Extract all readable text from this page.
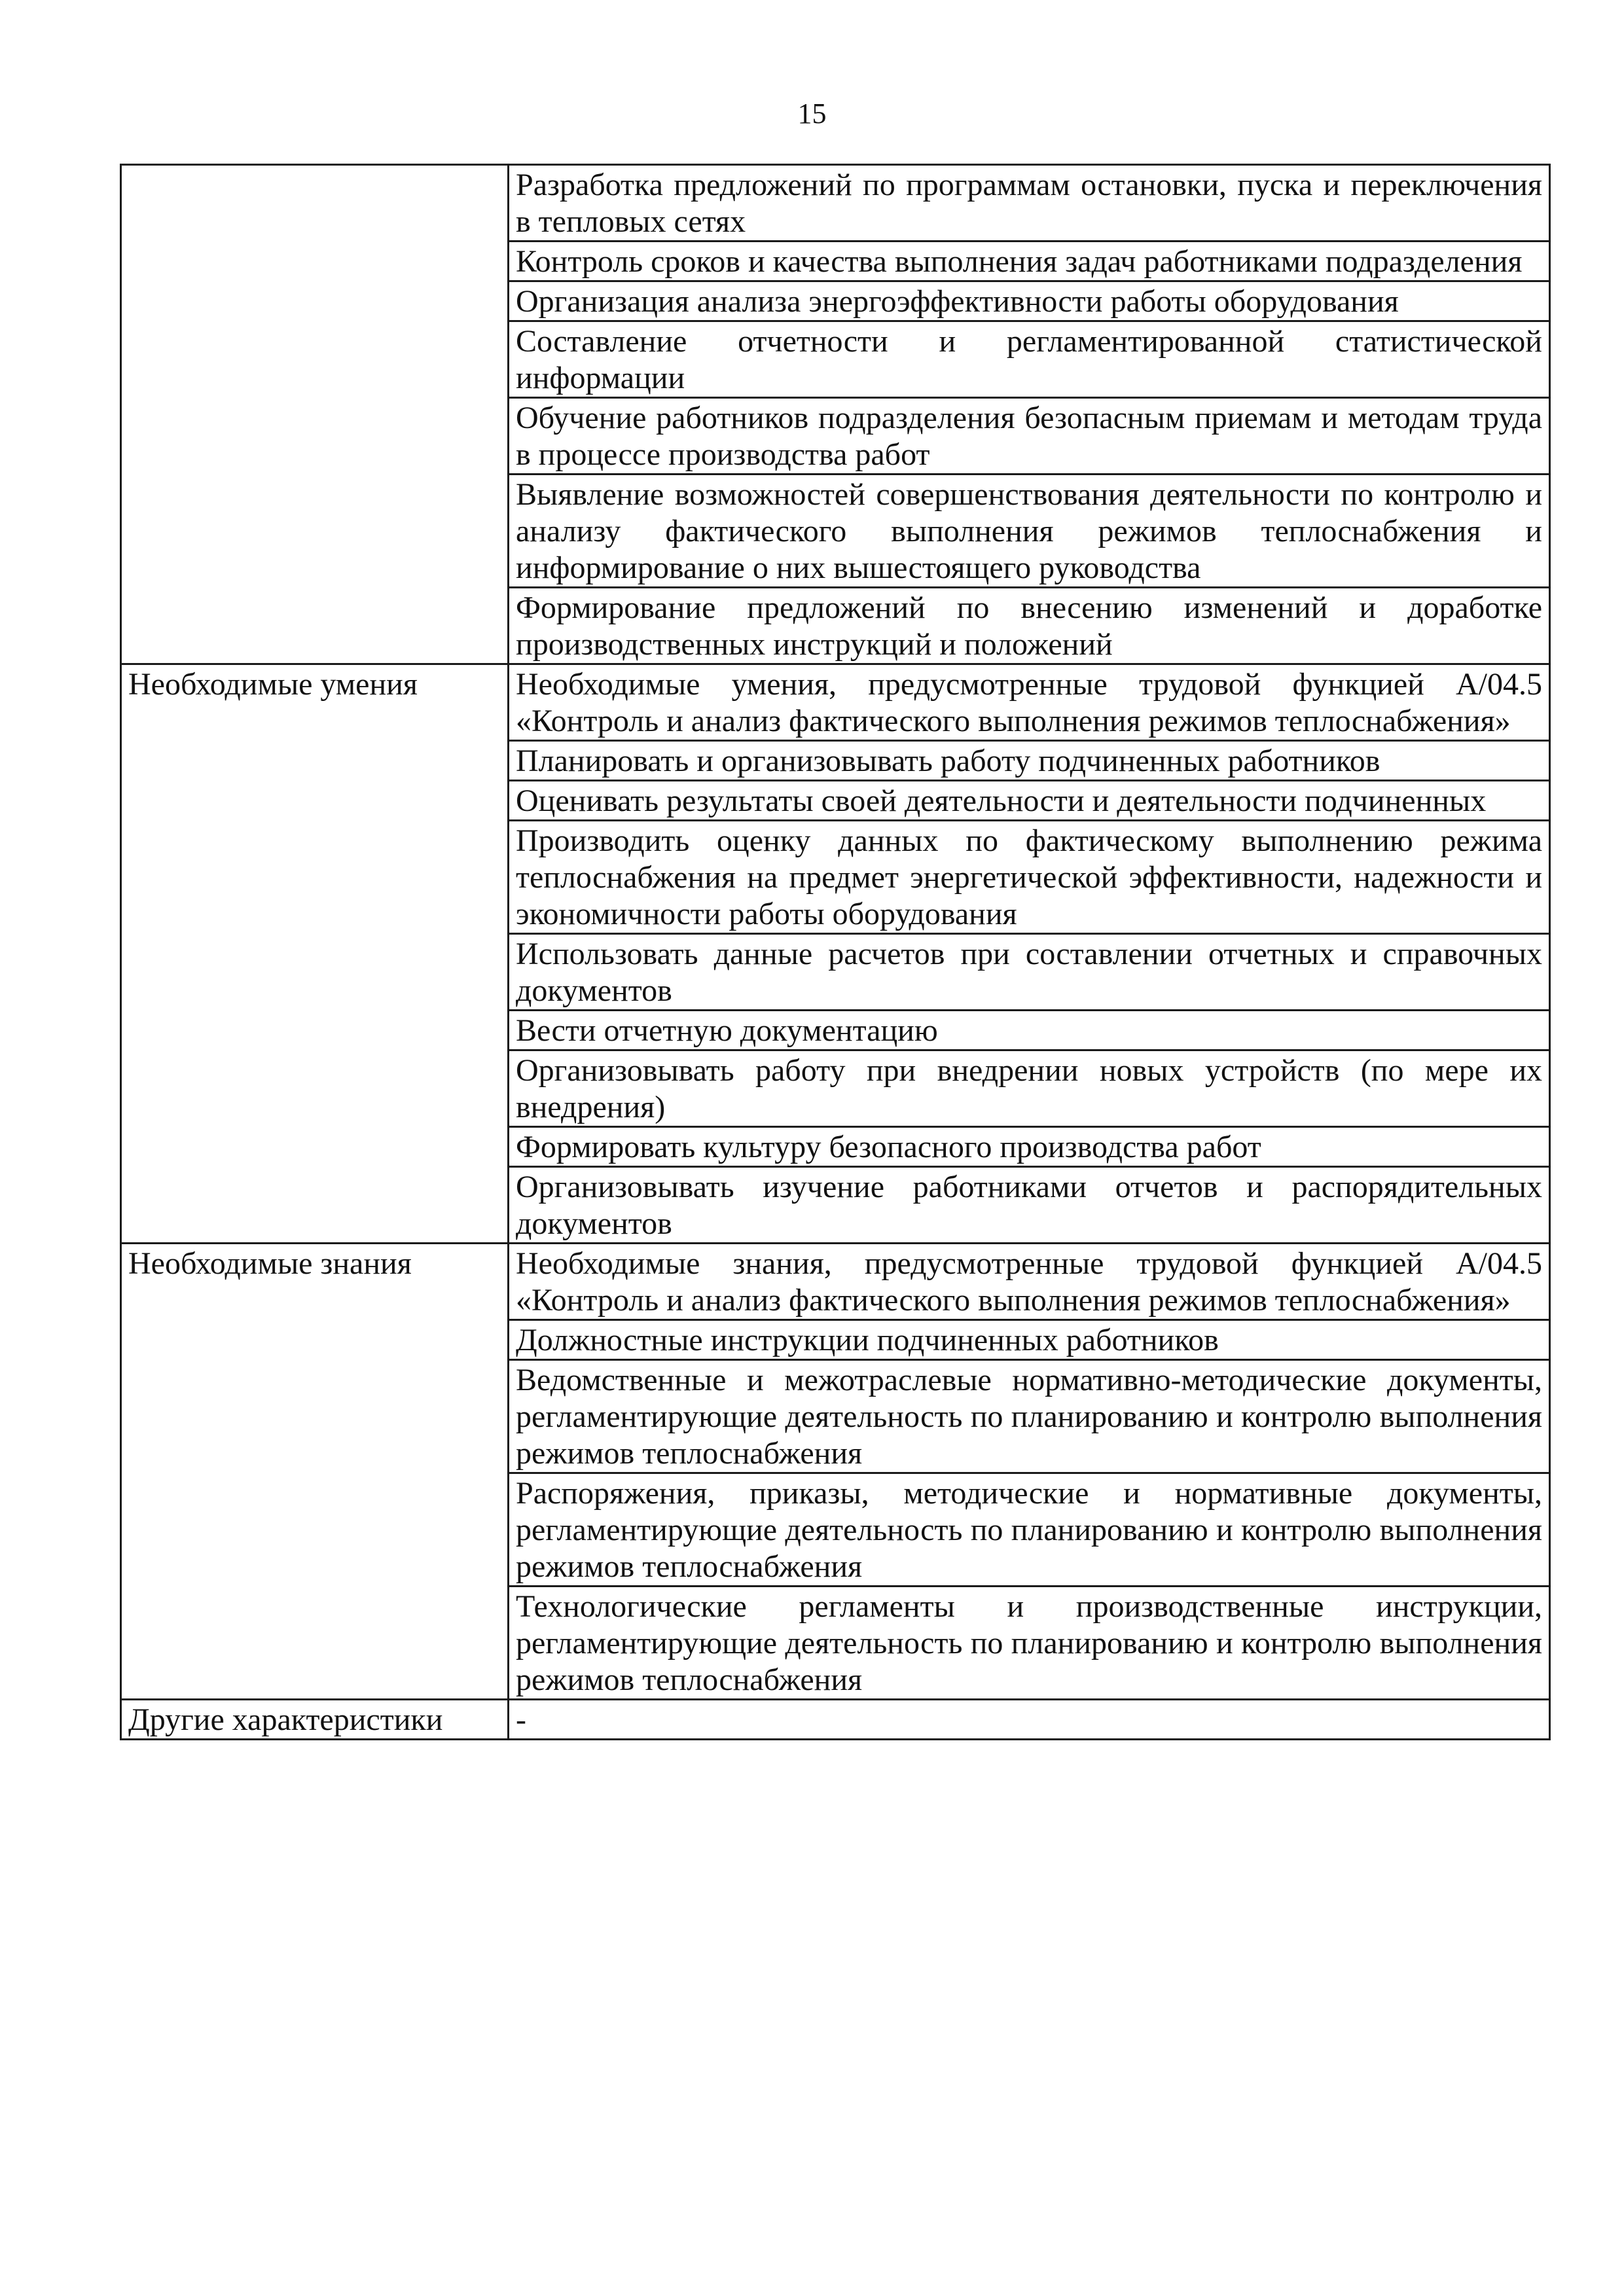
15
	Разработка предложений по программам остановки, пуска и переключения в тепловых сетях
	Контроль сроков и качества выполнения задач работниками подразделения
	Организация анализа энергоэффективности работы оборудования
	Составление отчетности и регламентированной статистической информации
	Обучение работников подразделения безопасным приемам и методам труда в процессе производства работ
	Выявление возможностей совершенствования деятельности по контролю и анализу фактического выполнения режимов теплоснабжения и информирование о них вышестоящего руководства
	Формирование предложений по внесению изменений и доработке производственных инструкций и положений
Необходимые умения	Необходимые умения, предусмотренные трудовой функцией А/04.5 «Контроль и анализ фактического выполнения режимов теплоснабжения»
	Планировать и организовывать работу подчиненных работников
	Оценивать результаты своей деятельности и деятельности подчиненных
	Производить оценку данных по фактическому выполнению режима теплоснабжения на предмет энергетической эффективности, надежности и экономичности работы оборудования
	Использовать данные расчетов при составлении отчетных и справочных документов
	Вести отчетную документацию
	Организовывать работу при внедрении новых устройств (по мере их внедрения)
	Формировать культуру безопасного производства работ
	Организовывать изучение работниками отчетов и распорядительных документов
Необходимые знания	Необходимые знания, предусмотренные трудовой функцией А/04.5 «Контроль и анализ фактического выполнения режимов теплоснабжения»
	Должностные инструкции подчиненных работников
	Ведомственные и межотраслевые нормативно-методические документы, регламентирующие деятельность по планированию и контролю выполнения режимов теплоснабжения
	Распоряжения, приказы, методические и нормативные документы, регламентирующие деятельность по планированию и контролю выполнения режимов теплоснабжения
	Технологические регламенты и производственные инструкции, регламентирующие деятельность по планированию и контролю выполнения режимов теплоснабжения
Другие характеристики	-
